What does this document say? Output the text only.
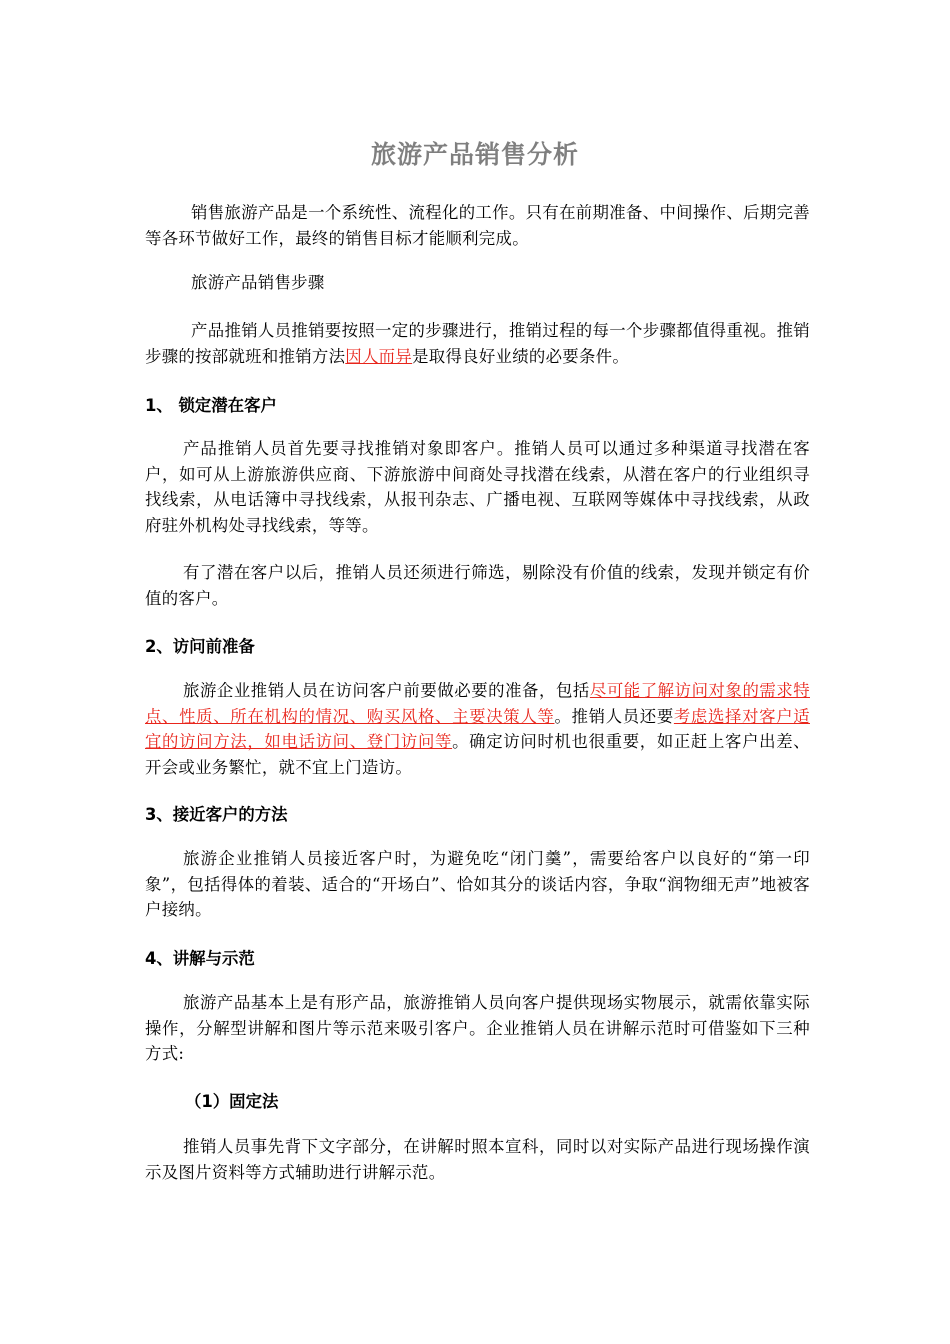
旅游产品销售分析

销售旅游产品是一个系统性、流程化的工作。只有在前期准备、中间操作、后期完善等各环节做好工作，最终的销售目标才能顺利完成。

旅游产品销售步骤

产品推销人员推销要按照一定的步骤进行，推销过程的每一个步骤都值得重视。推销步骤的按部就班和推销方法因人而异是取得良好业绩的必要条件。

1、 锁定潜在客户

产品推销人员首先要寻找推销对象即客户。推销人员可以通过多种渠道寻找潜在客户，如可从上游旅游供应商、下游旅游中间商处寻找潜在线索，从潜在客户的行业组织寻找线索，从电话簿中寻找线索，从报刊杂志、广播电视、互联网等媒体中寻找线索，从政府驻外机构处寻找线索，等等。

有了潜在客户以后，推销人员还须进行筛选，剔除没有价值的线索，发现并锁定有价值的客户。

2、访问前准备

旅游企业推销人员在访问客户前要做必要的准备，包括尽可能了解访问对象的需求特点、性质、所在机构的情况、购买风格、主要决策人等。推销人员还要考虑选择对客户适宜的访问方法，如电话访问、登门访问等。确定访问时机也很重要，如正赶上客户出差、开会或业务繁忙，就不宜上门造访。

3、接近客户的方法

旅游企业推销人员接近客户时，为避免吃“闭门羹”，需要给客户以良好的“第一印象”，包括得体的着装、适合的“开场白”、恰如其分的谈话内容，争取“润物细无声”地被客户接纳。

4、讲解与示范

旅游产品基本上是有形产品，旅游推销人员向客户提供现场实物展示，就需依靠实际操作，分解型讲解和图片等示范来吸引客户。企业推销人员在讲解示范时可借鉴如下三种方式:

（1）固定法

推销人员事先背下文字部分，在讲解时照本宣科，同时以对实际产品进行现场操作演示及图片资料等方式辅助进行讲解示范。
